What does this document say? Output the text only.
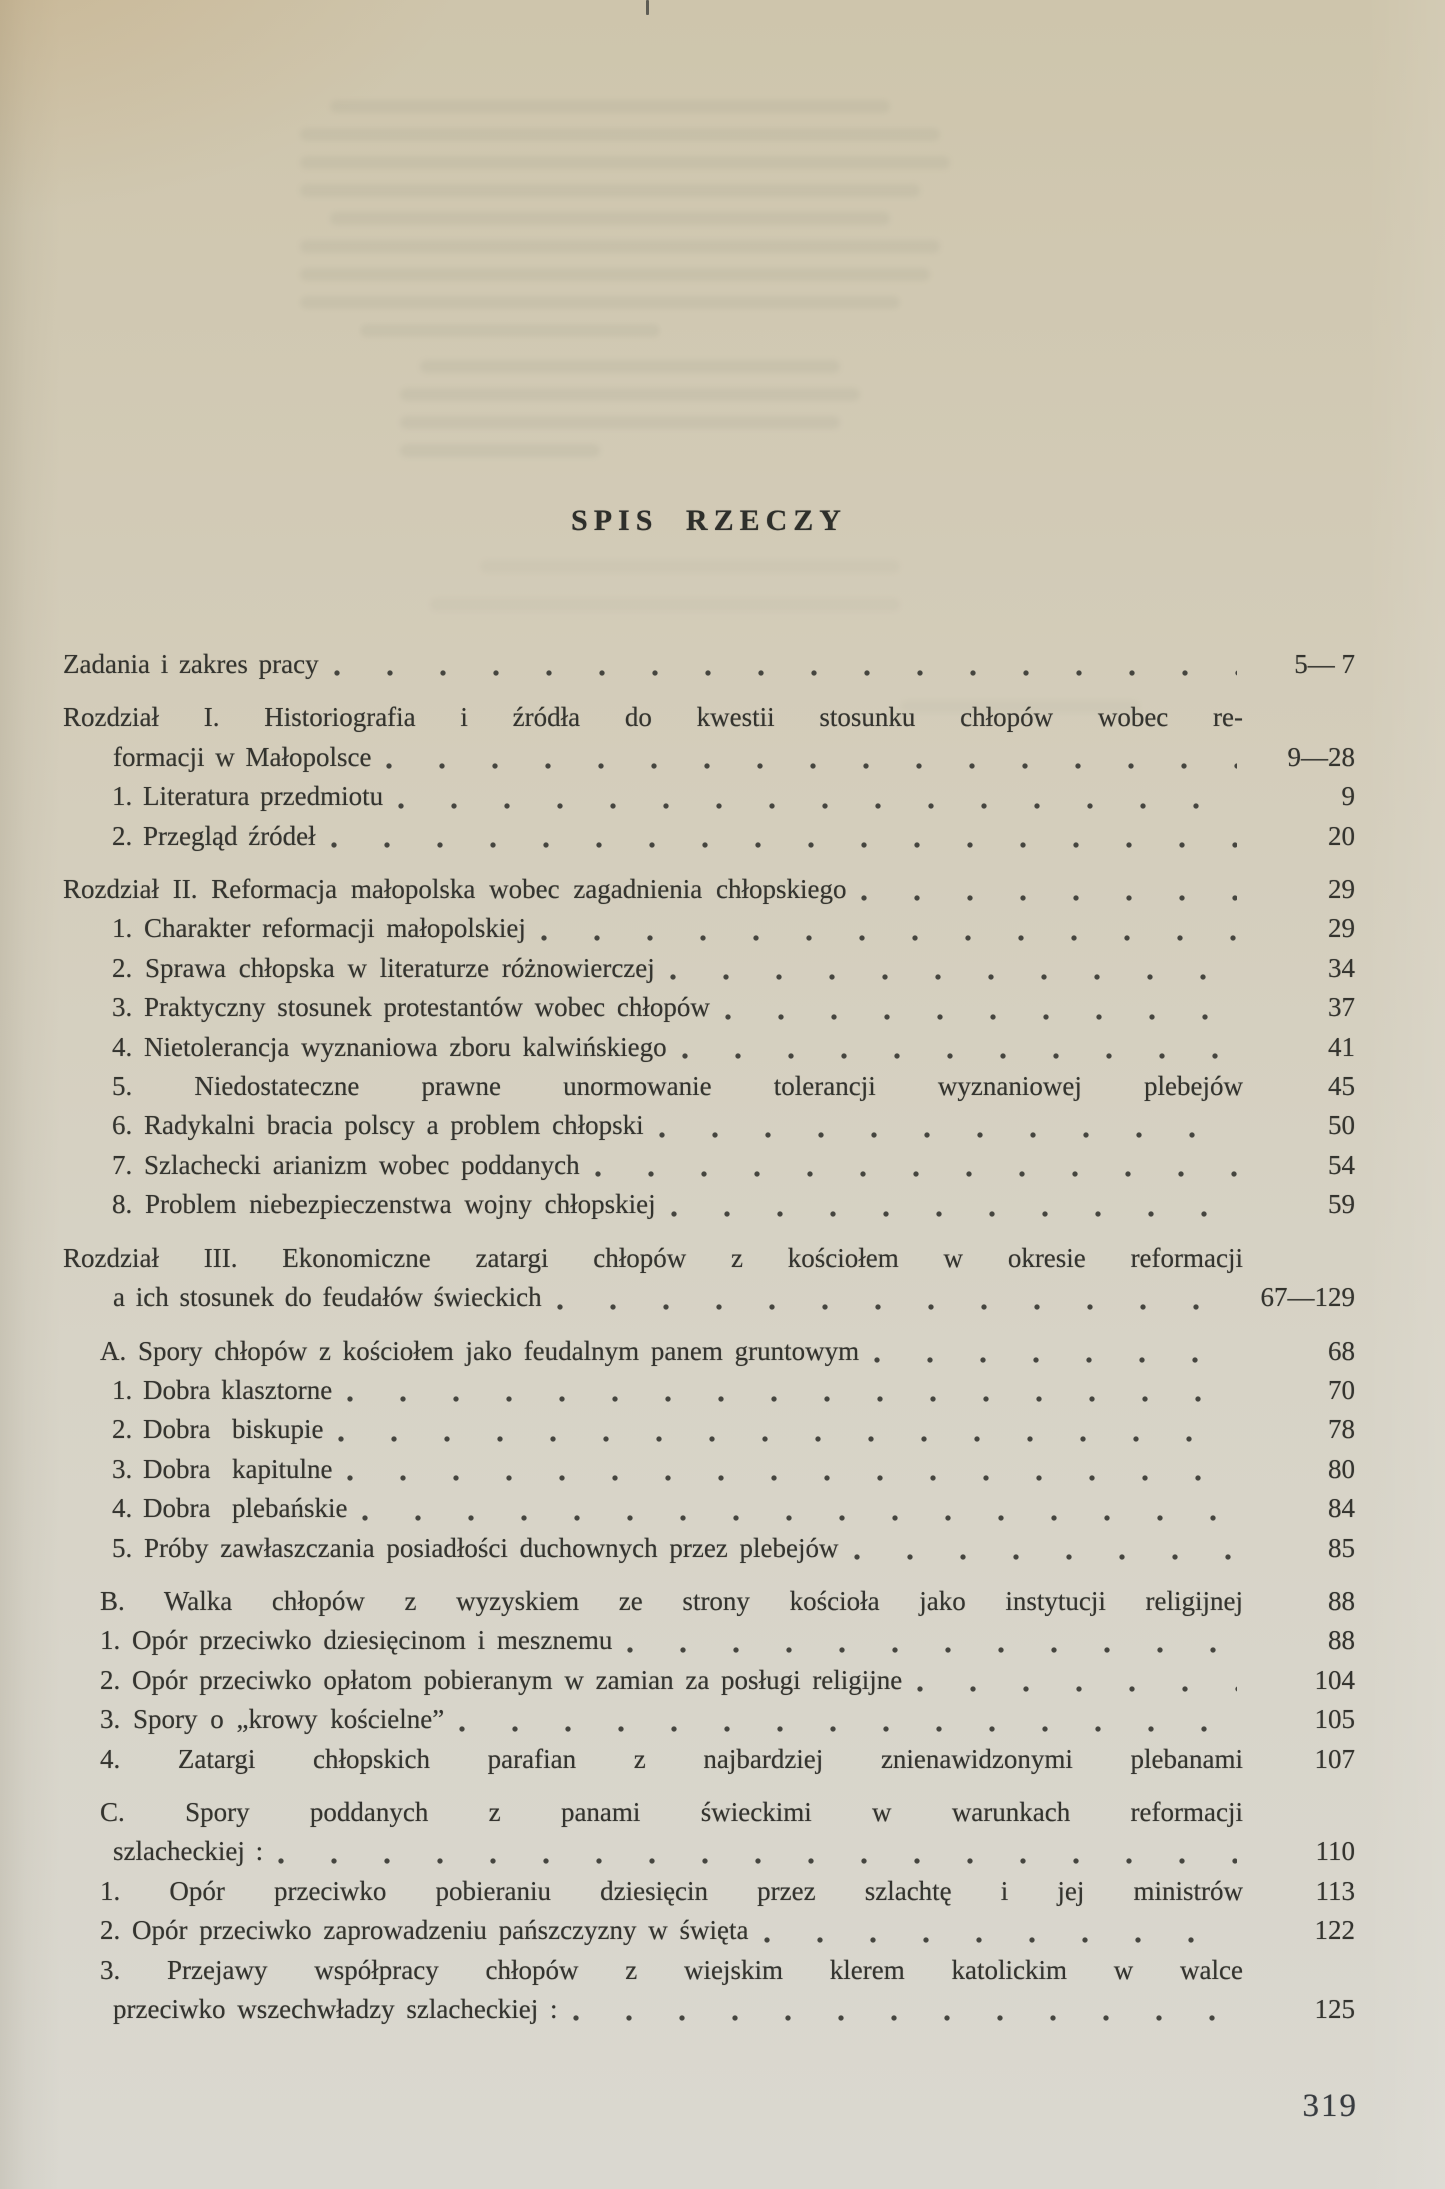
SPIS RZECZY
Zadania i zakres pracy	5— 7
Rozdział I. Historiografia i źródła do kwestii stosunku chłopów wobec re-
formacji w Małopolsce	9—28
1. Literatura przedmiotu	9
2. Przegląd źródeł	20
Rozdział II. Reformacja małopolska wobec zagadnienia chłopskiego	29
1. Charakter reformacji małopolskiej	29
2. Sprawa chłopska w literaturze różnowierczej	34
3. Praktyczny stosunek protestantów wobec chłopów	37
4. Nietolerancja wyznaniowa zboru kalwińskiego	41
5. Niedostateczne prawne unormowanie tolerancji wyznaniowej plebejów	45
6. Radykalni bracia polscy a problem chłopski	50
7. Szlachecki arianizm wobec poddanych	54
8. Problem niebezpieczenstwa wojny chłopskiej	59
Rozdział III. Ekonomiczne zatargi chłopów z kościołem w okresie reformacji
a ich stosunek do feudałów świeckich	67—129
A. Spory chłopów z kościołem jako feudalnym panem gruntowym	68
1. Dobra klasztorne	70
2. Dobra  biskupie	78
3. Dobra  kapitulne	80
4. Dobra  plebańskie	84
5. Próby zawłaszczania posiadłości duchownych przez plebejów	85
B. Walka chłopów z wyzyskiem ze strony kościoła jako instytucji religijnej	88
1. Opór przeciwko dziesięcinom i mesznemu	88
2. Opór przeciwko opłatom pobieranym w zamian za posługi religijne	104
3. Spory o „krowy kościelne”	105
4. Zatargi chłopskich parafian z najbardziej znienawidzonymi plebanami	107
C. Spory poddanych z panami świeckimi w warunkach reformacji
szlacheckiej :	110
1. Opór przeciwko pobieraniu dziesięcin przez szlachtę i jej ministrów	113
2. Opór przeciwko zaprowadzeniu pańszczyzny w święta	122
3. Przejawy współpracy chłopów z wiejskim klerem katolickim w walce
przeciwko wszechwładzy szlacheckiej :	125
319
